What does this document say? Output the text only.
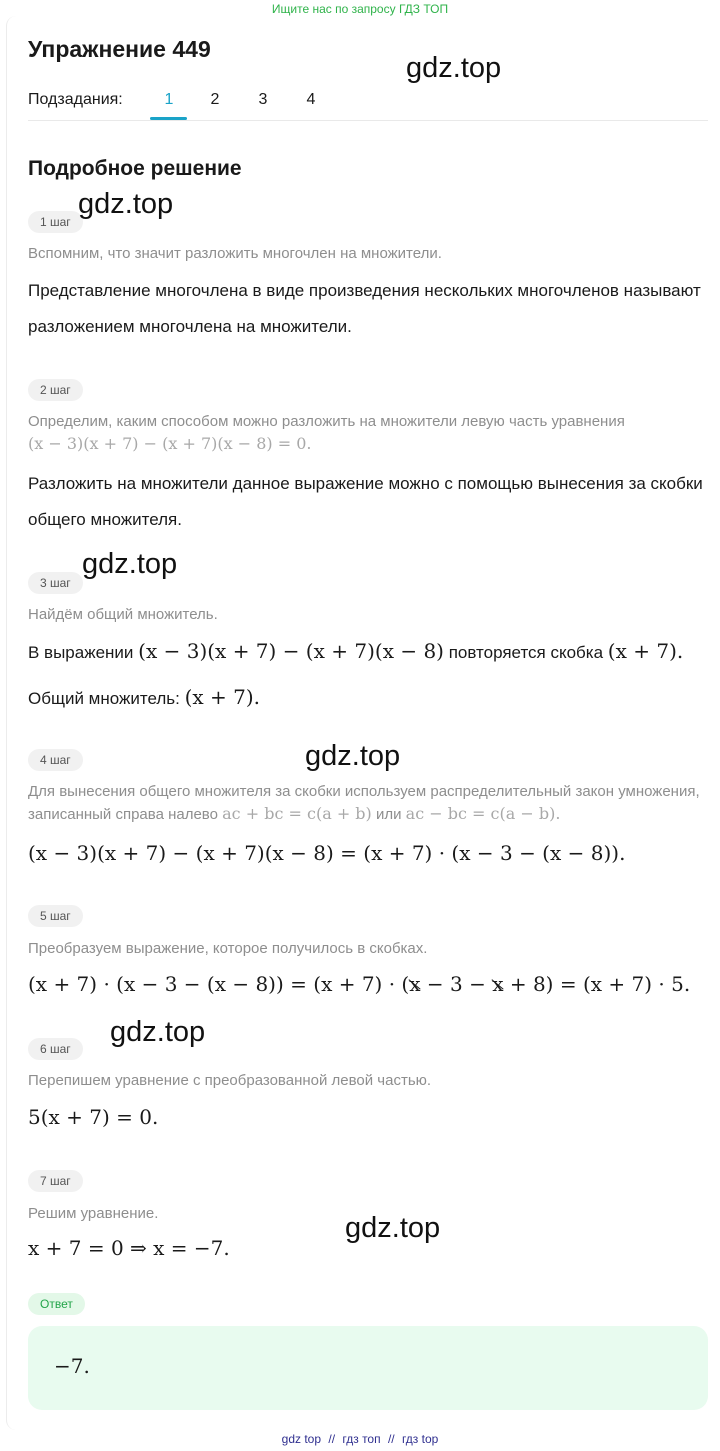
Ищите нас по запросу ГДЗ ТОП
Упражнение 449
Подзадания:	1	2	3	4
Подробное решение
1 шаг
Вспомним, что значит разложить многочлен на множители.
Представление многочлена в виде произведения нескольких многочленов называют разложением многочлена на множители.
2 шаг
Определим, каким способом можно разложить на множители левую часть уравнения
(x − 3)(x + 7) − (x + 7)(x − 8) = 0.
Разложить на множители данное выражение можно с помощью вынесения за скобки общего множителя.
3 шаг
Найдём общий множитель.
В выражении (x − 3)(x + 7) − (x + 7)(x − 8) повторяется скобка (x + 7).
Общий множитель: (x + 7).
4 шаг
Для вынесения общего множителя за скобки используем распределительный закон умножения, записанный справа налево ac + bc = c(a + b) или ac − bc = c(a − b).
(x − 3)(x + 7) − (x + 7)(x − 8) = (x + 7) · (x − 3 − (x − 8)).
5 шаг
Преобразуем выражение, которое получилось в скобках.
(x + 7) · (x − 3 − (x − 8)) = (x + 7) · (x − 3 − x + 8) = (x + 7) · 5.
6 шаг
Перепишем уравнение с преобразованной левой частью.
5(x + 7) = 0.
7 шаг
Решим уравнение.
x + 7 = 0 ⇒ x = −7.
Ответ
−7.
gdz.top
gdz.top
gdz.top
gdz.top
gdz.top
gdz.top
gdz top // гдз топ // гдз top
